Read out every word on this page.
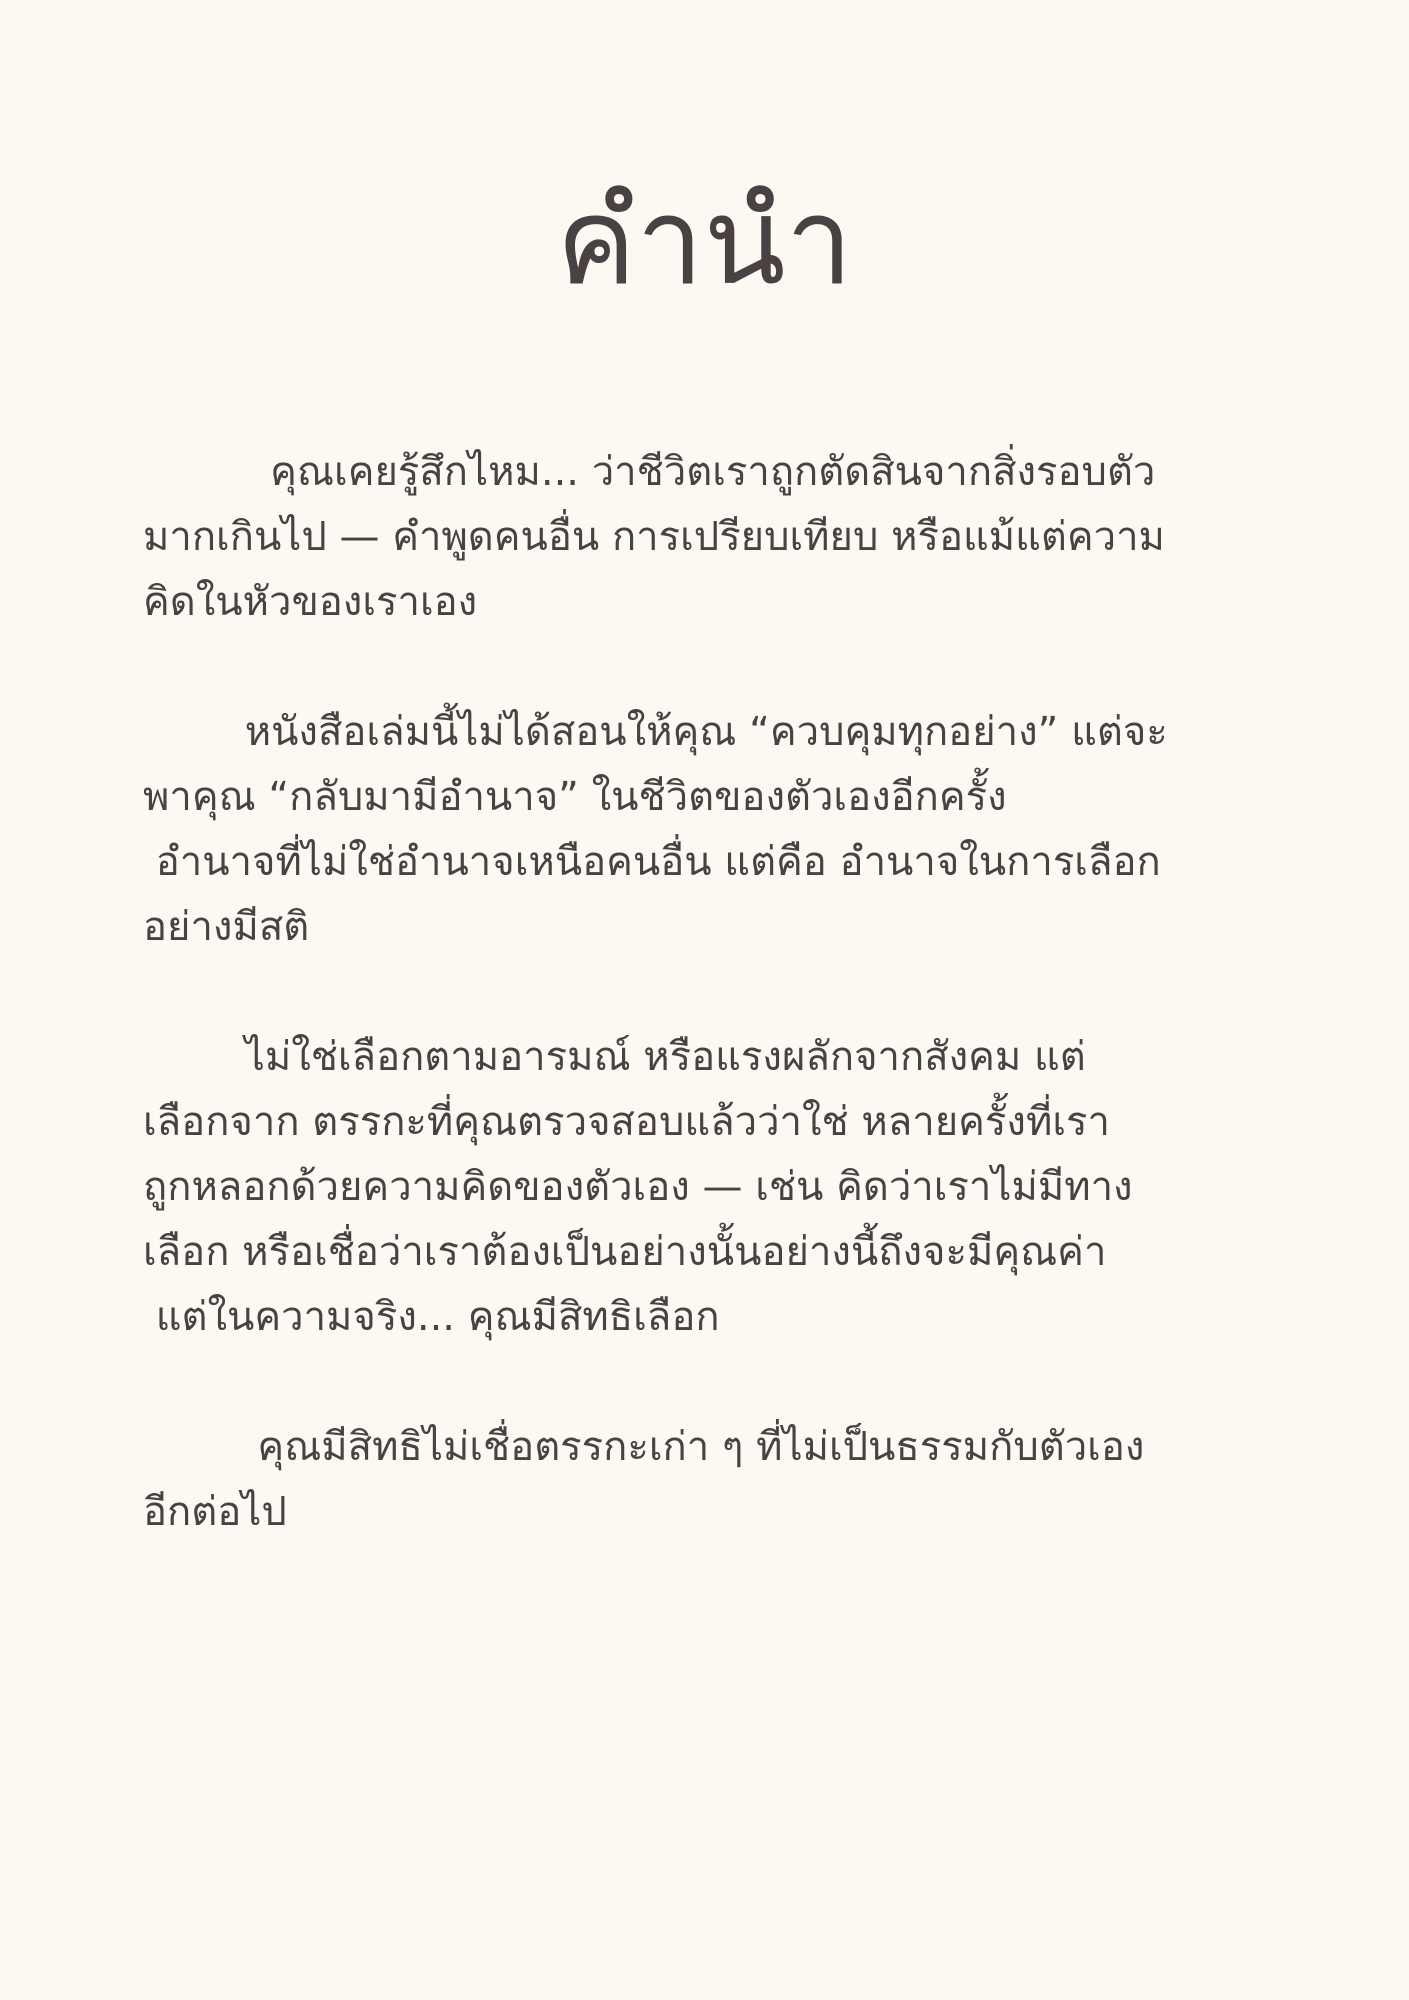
คำนำ
คุณเคยรู้สึกไหม... ว่าชีวิตเราถูกตัดสินจากสิ่งรอบตัว
มากเกินไป — คำพูดคนอื่น การเปรียบเทียบ หรือแม้แต่ความ
คิดในหัวของเราเอง
หนังสือเล่มนี้ไม่ได้สอนให้คุณ “ควบคุมทุกอย่าง” แต่จะ
พาคุณ “กลับมามีอำนาจ” ในชีวิตของตัวเองอีกครั้ง
อำนาจที่ไม่ใช่อำนาจเหนือคนอื่น แต่คือ อำนาจในการเลือก
อย่างมีสติ
ไม่ใช่เลือกตามอารมณ์ หรือแรงผลักจากสังคม แต่
เลือกจาก ตรรกะที่คุณตรวจสอบแล้วว่าใช่ หลายครั้งที่เรา
ถูกหลอกด้วยความคิดของตัวเอง — เช่น คิดว่าเราไม่มีทาง
เลือก หรือเชื่อว่าเราต้องเป็นอย่างนั้นอย่างนี้ถึงจะมีคุณค่า
แต่ในความจริง... คุณมีสิทธิเลือก
คุณมีสิทธิไม่เชื่อตรรกะเก่า ๆ ที่ไม่เป็นธรรมกับตัวเอง
อีกต่อไป
